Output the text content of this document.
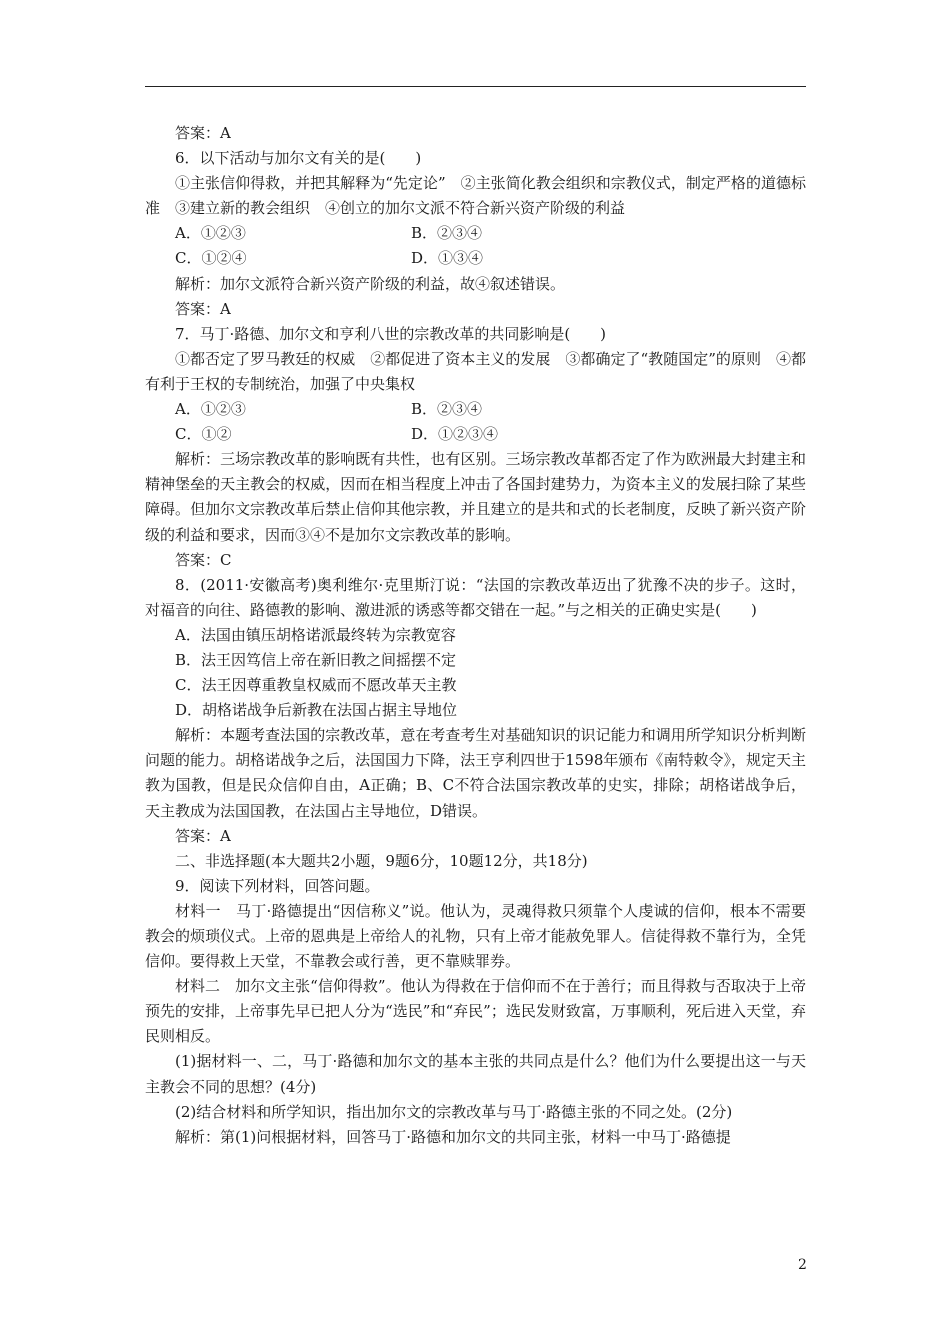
答案：A

6．以下活动与加尔文有关的是(　　)

①主张信仰得救，并把其解释为“先定论”　②主张简化教会组织和宗教仪式，制定严格的道德标准　③建立新的教会组织　④创立的加尔文派不符合新兴资产阶级的利益

A．①②③	B．②③④
C．①②④	D．①③④

解析：加尔文派符合新兴资产阶级的利益，故④叙述错误。

答案：A

7．马丁·路德、加尔文和亨利八世的宗教改革的共同影响是(　　)

①都否定了罗马教廷的权威　②都促进了资本主义的发展　③都确定了“教随国定”的原则　④都有利于王权的专制统治，加强了中央集权

A．①②③	B．②③④
C．①②	D．①②③④

解析：三场宗教改革的影响既有共性，也有区别。三场宗教改革都否定了作为欧洲最大封建主和精神堡垒的天主教会的权威，因而在相当程度上冲击了各国封建势力，为资本主义的发展扫除了某些障碍。但加尔文宗教改革后禁止信仰其他宗教，并且建立的是共和式的长老制度，反映了新兴资产阶级的利益和要求，因而③④不是加尔文宗教改革的影响。

答案：C

8．(2011·安徽高考)奥利维尔·克里斯汀说：“法国的宗教改革迈出了犹豫不决的步子。这时，对福音的向往、路德教的影响、激进派的诱惑等都交错在一起。”与之相关的正确史实是(　　)

A．法国由镇压胡格诺派最终转为宗教宽容

B．法王因笃信上帝在新旧教之间摇摆不定

C．法王因尊重教皇权威而不愿改革天主教

D．胡格诺战争后新教在法国占据主导地位

解析：本题考查法国的宗教改革，意在考查考生对基础知识的识记能力和调用所学知识分析判断问题的能力。胡格诺战争之后，法国国力下降，法王亨利四世于1598年颁布《南特敕令》，规定天主教为国教，但是民众信仰自由，A正确；B、C不符合法国宗教改革的史实，排除；胡格诺战争后，天主教成为法国国教，在法国占主导地位，D错误。

答案：A

二、非选择题(本大题共2小题，9题6分，10题12分，共18分)

9．阅读下列材料，回答问题。

材料一　马丁·路德提出“因信称义”说。他认为，灵魂得救只须靠个人虔诚的信仰，根本不需要教会的烦琐仪式。上帝的恩典是上帝给人的礼物，只有上帝才能赦免罪人。信徒得救不靠行为，全凭信仰。要得救上天堂，不靠教会或行善，更不靠赎罪券。

材料二　加尔文主张“信仰得救”。他认为得救在于信仰而不在于善行；而且得救与否取决于上帝预先的安排，上帝事先早已把人分为“选民”和“弃民”；选民发财致富，万事顺利，死后进入天堂，弃民则相反。

(1)据材料一、二，马丁·路德和加尔文的基本主张的共同点是什么？他们为什么要提出这一与天主教会不同的思想？(4分)

(2)结合材料和所学知识，指出加尔文的宗教改革与马丁·路德主张的不同之处。(2分)

解析：第(1)问根据材料，回答马丁·路德和加尔文的共同主张，材料一中马丁·路德提

2
